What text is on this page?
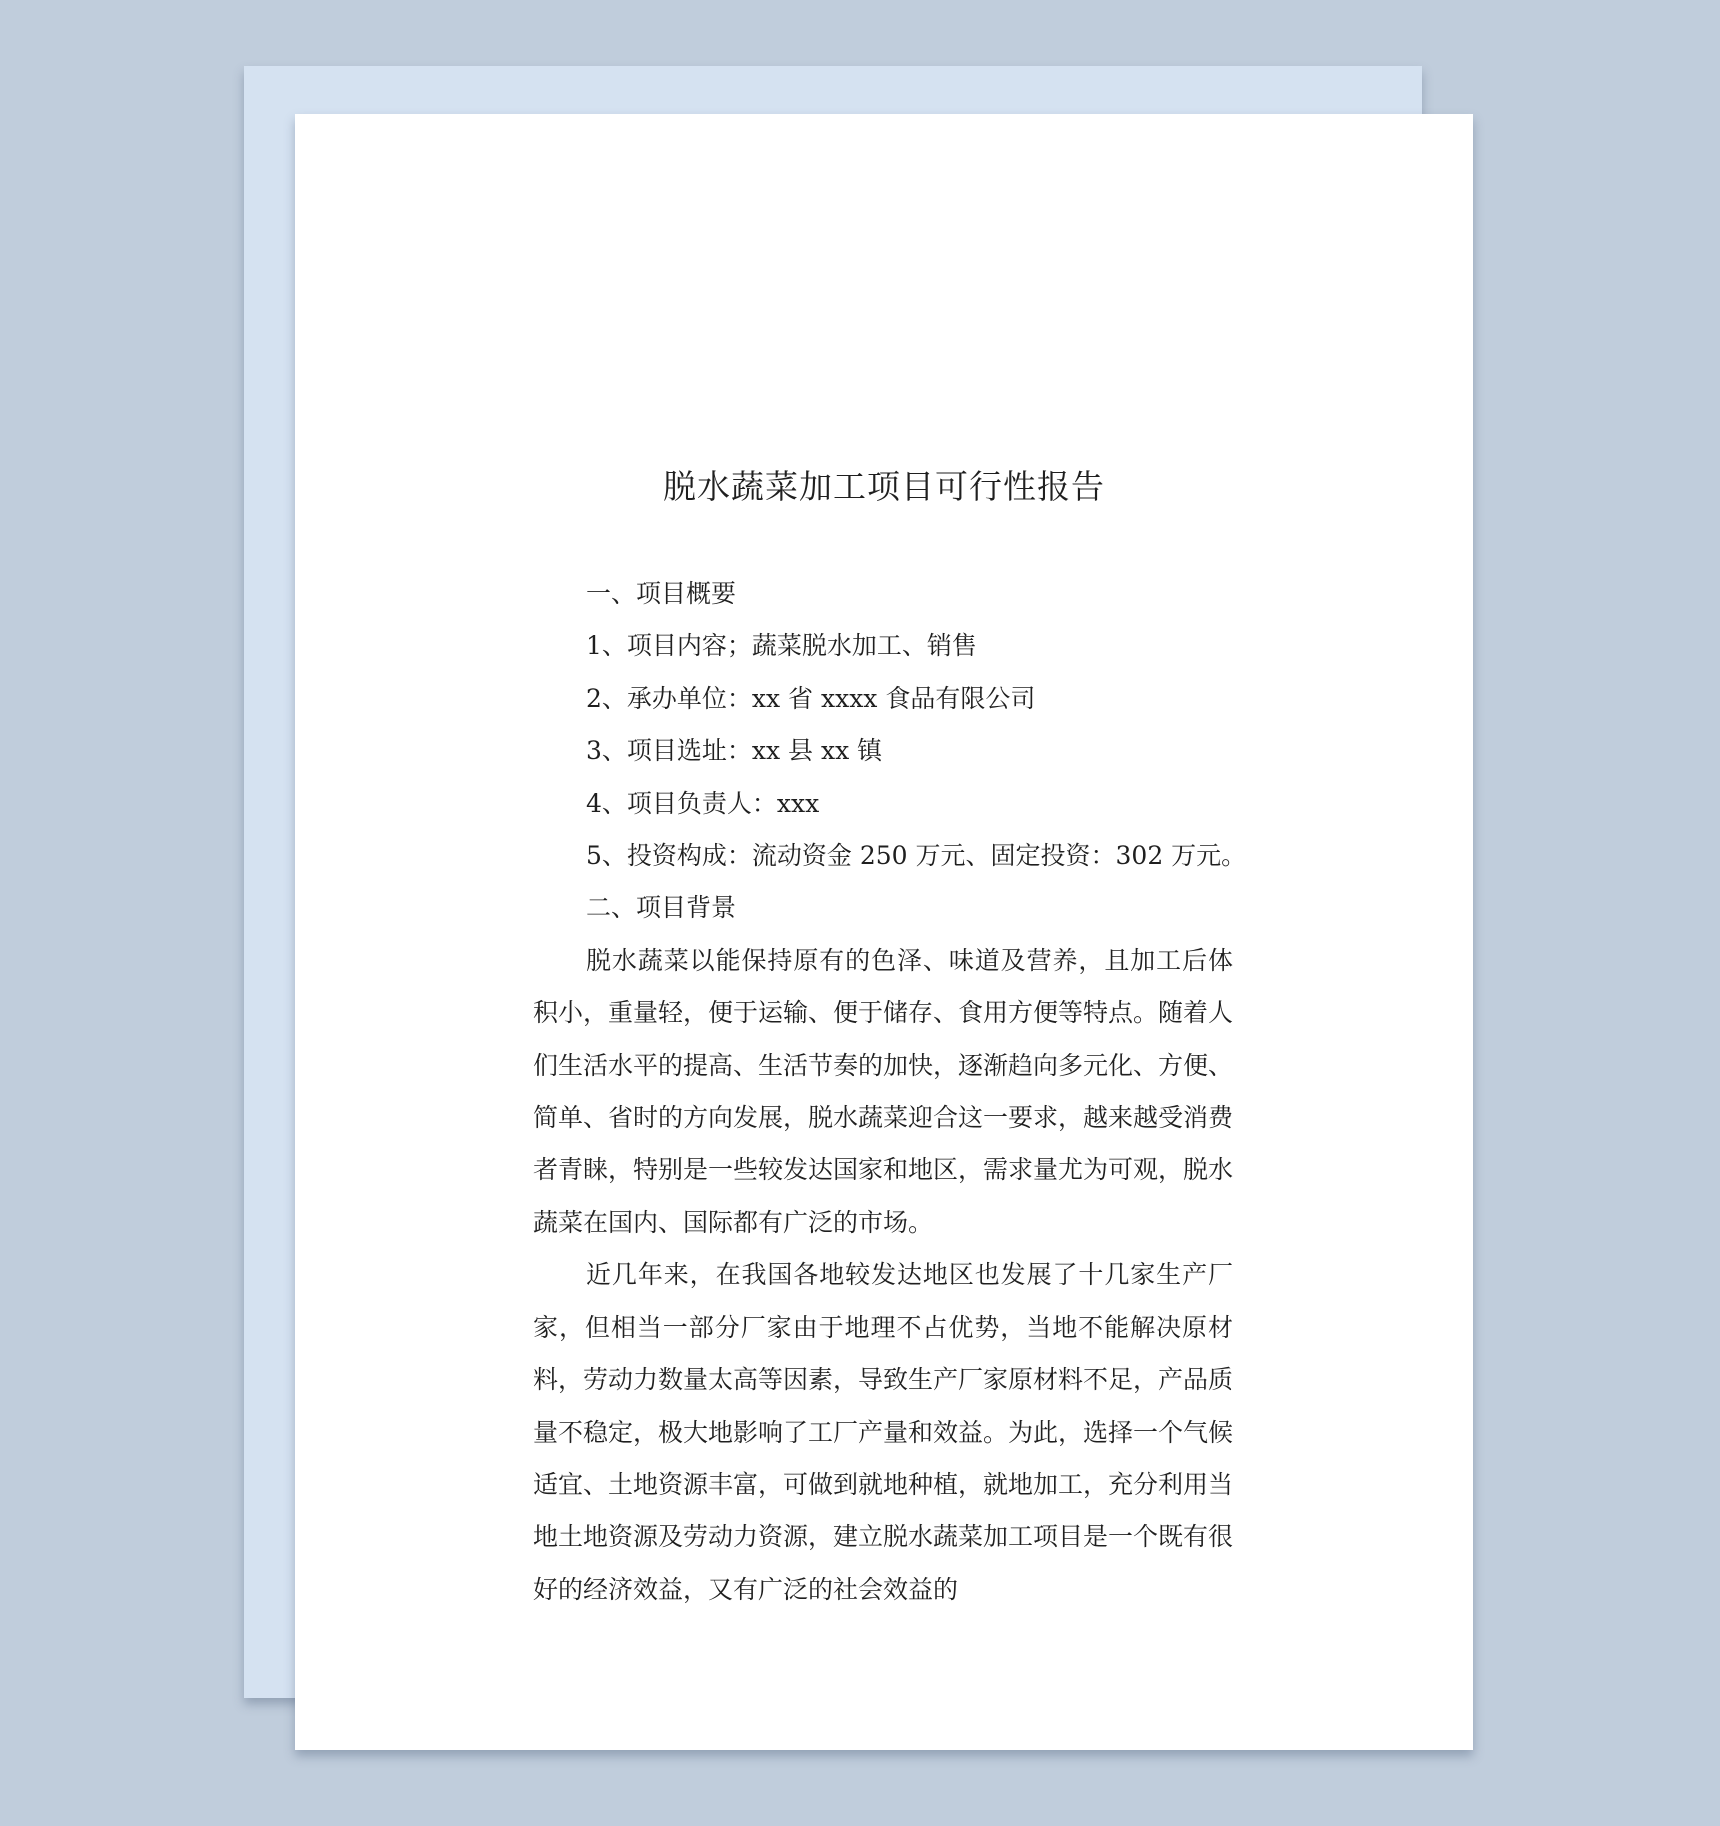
脱水蔬菜加工项目可行性报告
一、项目概要
1、项目内容；蔬菜脱水加工、销售
2、承办单位：xx 省 xxxx 食品有限公司
3、项目选址：xx 县 xx 镇
4、项目负责人：xxx
5、投资构成：流动资金 250 万元、固定投资：302 万元。
二、项目背景

脱水蔬菜以能保持原有的色泽、味道及营养，且加工后体积小，重量轻，便于运输、便于储存、食用方便等特点。随着人们生活水平的提高、生活节奏的加快，逐渐趋向多元化、方便、简单、省时的方向发展，脱水蔬菜迎合这一要求，越来越受消费者青睐，特别是一些较发达国家和地区，需求量尤为可观，脱水蔬菜在国内、国际都有广泛的市场。

近几年来，在我国各地较发达地区也发展了十几家生产厂家，但相当一部分厂家由于地理不占优势，当地不能解决原材料，劳动力数量太高等因素，导致生产厂家原材料不足，产品质量不稳定，极大地影响了工厂产量和效益。为此，选择一个气候适宜、土地资源丰富，可做到就地种植，就地加工，充分利用当地土地资源及劳动力资源，建立脱水蔬菜加工项目是一个既有很好的经济效益，又有广泛的社会效益的
